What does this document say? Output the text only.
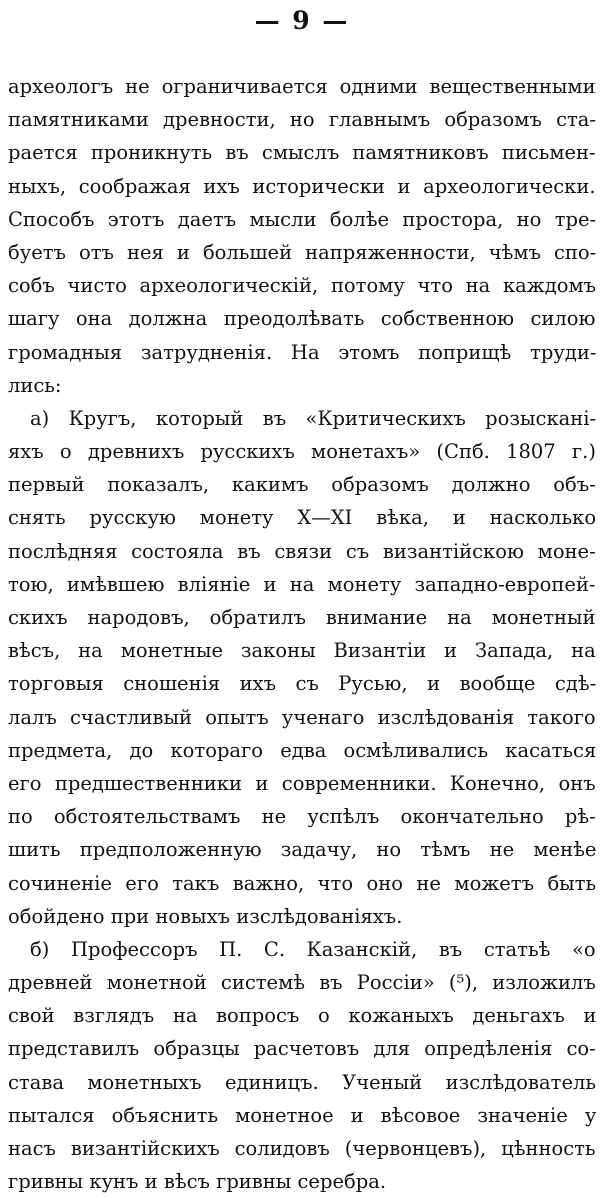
— 9 —
археологъ не ограничивается одними вещественными
памятниками древности, но главнымъ образомъ ста-
рается проникнуть въ смыслъ памятниковъ письмен-
ныхъ, соображая ихъ исторически и археологически.
Способъ этотъ даетъ мысли болѣе простора, но тре-
буетъ отъ нея и большей напряженности, чѣмъ спо-
собъ чисто археологическій, потому что на каждомъ
шагу она должна преодолѣвать собственною силою
громадныя затрудненія. На этомъ поприщѣ труди-
лись:
а) Кругъ, который въ «Критическихъ розысканi-
яхъ о древнихъ русскихъ монетахъ» (Спб. 1807 г.)
первый показалъ, какимъ образомъ должно объ-
снять русскую монету X—XI вѣка, и насколько
послѣдняя состояла въ связи съ византійскою моне-
тою, имѣвшею вліяніе и на монету западно-европей-
скихъ народовъ, обратилъ внимание на монетный
вѣсъ, на монетные законы Византiи и Запада, на
торговыя сношенія ихъ съ Русью, и вообще сдѣ-
лалъ счастливый опытъ ученаго изслѣдованія такого
предмета, до котораго едва осмѣливались касаться
его предшественники и современники. Конечно, онъ
по обстоятельствамъ не успѣлъ окончательно рѣ-
шить предположенную задачу, но тѣмъ не менѣе
сочиненіе его такъ важно, что оно не можетъ быть
обойдено при новыхъ изслѣдованiяхъ.
б) Профессоръ П. С. Казанскій, въ статьѣ «о
древней монетной системѣ въ Россiи» (⁵), изложилъ
свой взглядъ на вопросъ о кожаныхъ деньгахъ и
представилъ образцы расчетовъ для опредѣленiя со-
става монетныхъ единицъ. Ученый изслѣдователь
пытался объяснить монетное и вѣсовое значенiе у
насъ византійскихъ солидовъ (червонцевъ), цѣнность
гривны кунъ и вѣсъ гривны серебра.
